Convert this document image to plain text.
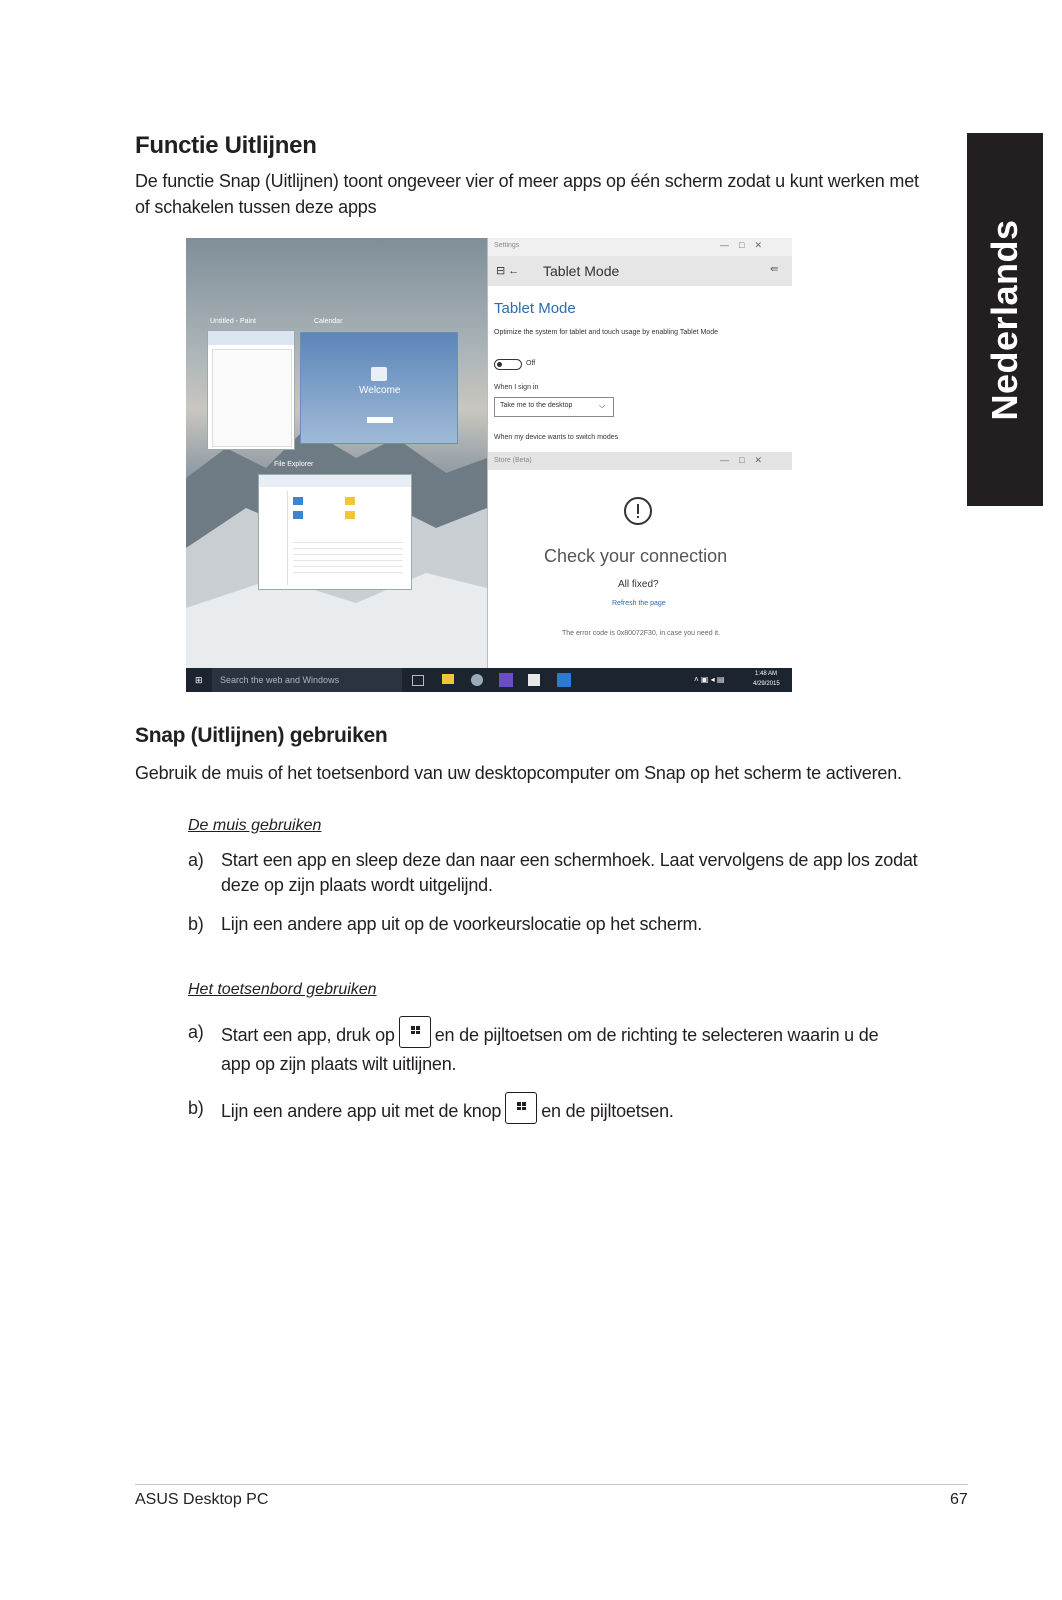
Functie Uitlijnen
De functie Snap (Uitlijnen) toont ongeveer vier of meer apps op één scherm zodat u kunt werken met of schakelen tussen deze apps
Nederlands
Untitled - Paint	Calendar
Welcome
File Explorer
Settings	—    □    ✕
⊟ ← Tablet Mode	⇚
Tablet Mode
Optimize the system for tablet and touch usage by enabling Tablet Mode
Off
When I sign in
Take me to the desktop	⌵
When my device wants to switch modes
Store (Beta)	—    □    ✕
Check your connection
All fixed?
Refresh the page
The error code is 0x80072F30, in case you need it.
⊞	Search the web and Windows	˄ ▣ ◂ ▤
1:48 AM
4/29/2015
Snap (Uitlijnen) gebruiken
Gebruik de muis of het toetsenbord van uw desktopcomputer om Snap op het scherm te activeren.
De muis gebruiken
a) Start een app en sleep deze dan naar een schermhoek. Laat vervolgens de app los zodat deze op zijn plaats wordt uitgelijnd.
b) Lijn een andere app uit op de voorkeurslocatie op het scherm.
Het toetsenbord gebruiken
a) Start een app, druk op en de pijltoetsen om de richting te selecteren waarin u de
app op zijn plaats wilt uitlijnen.
b) Lijn een andere app uit met de knop en de pijltoetsen.
ASUS Desktop PC	67
